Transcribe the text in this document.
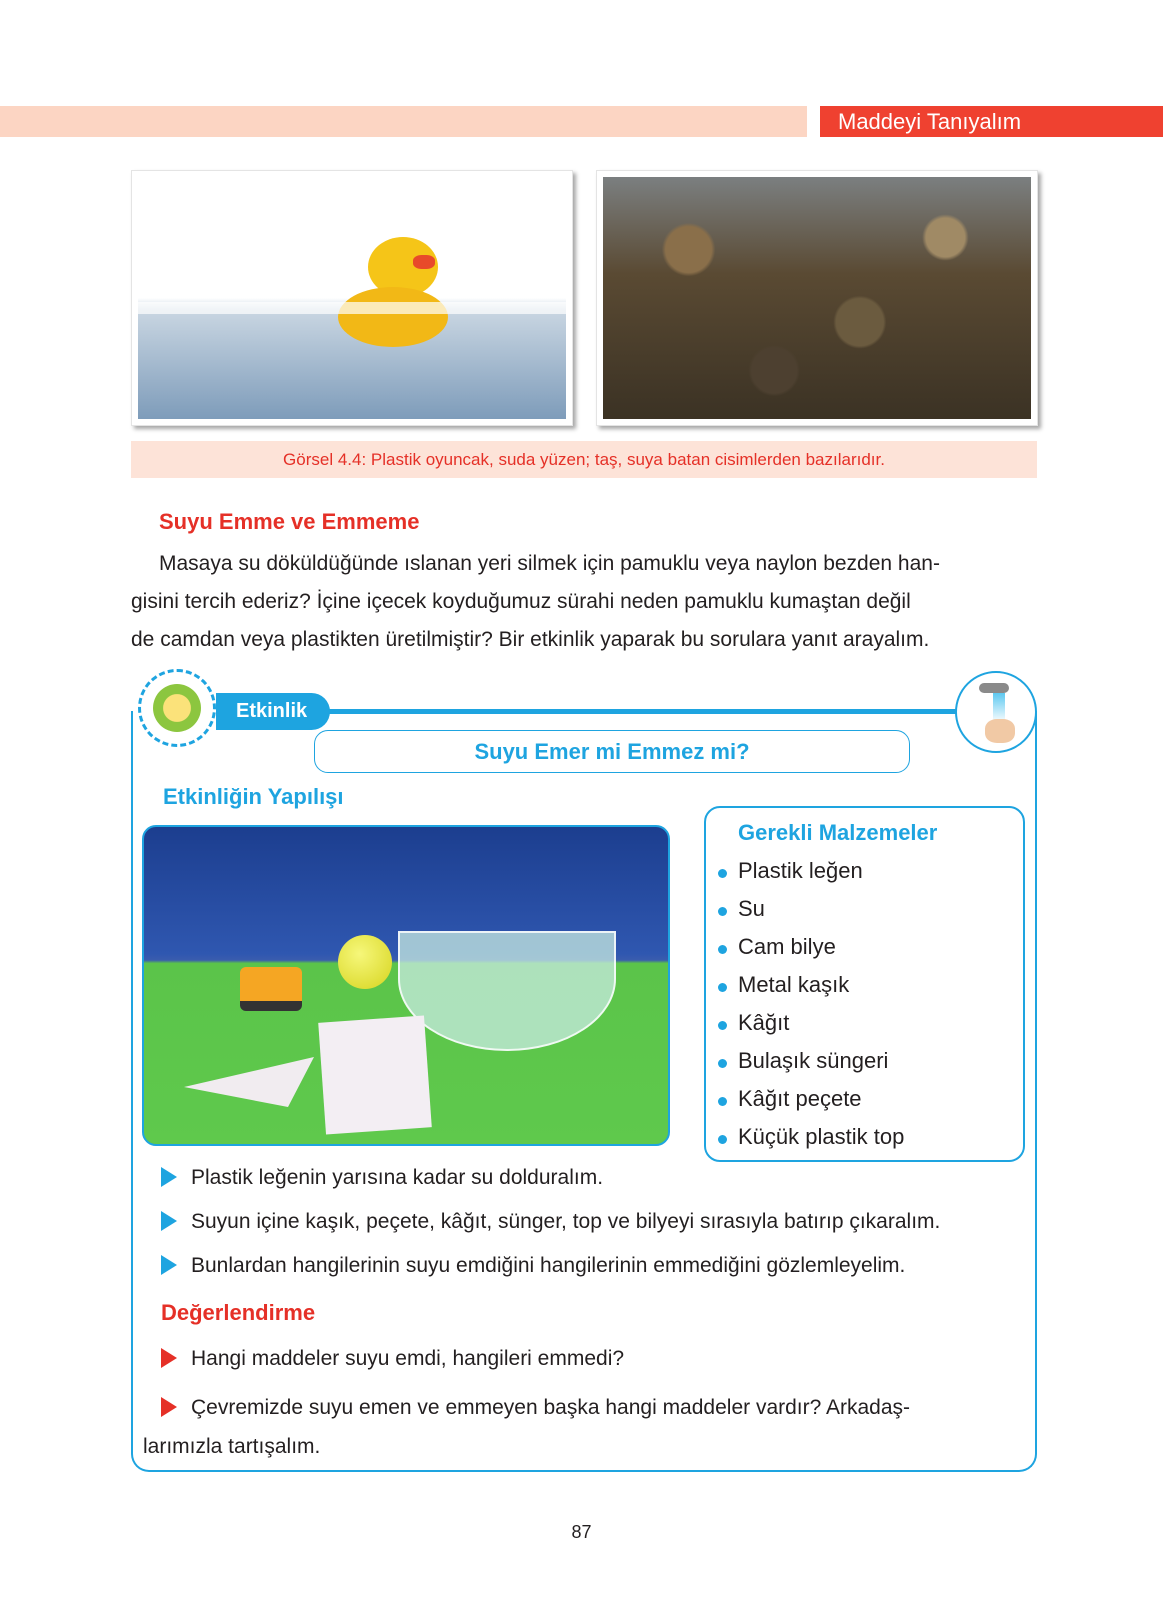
Maddeyi Tanıyalım
Görsel 4.4: Plastik oyuncak, suda yüzen; taş, suya batan cisimlerden bazılarıdır.
Suyu Emme ve Emmeme
Masaya su döküldüğünde ıslanan yeri silmek için pamuklu veya naylon bezden han-
gisini tercih ederiz? İçine içecek koyduğumuz sürahi neden pamuklu kumaştan değil
de camdan veya plastikten üretilmiştir? Bir etkinlik yaparak bu sorulara yanıt arayalım.
Etkinlik
Suyu Emer mi Emmez mi?
Etkinliğin Yapılışı
Gerekli Malzemeler
Plastik leğen
Su
Cam bilye
Metal kaşık
Kâğıt
Bulaşık süngeri
Kâğıt peçete
Küçük plastik top
Plastik leğenin yarısına kadar su dolduralım.
Suyun içine kaşık, peçete, kâğıt, sünger, top ve bilyeyi sırasıyla batırıp çıkaralım.
Bunlardan hangilerinin suyu emdiğini hangilerinin emmediğini gözlemleyelim.
Değerlendirme
Hangi maddeler suyu emdi, hangileri emmedi?
Çevremizde suyu emen ve emmeyen başka hangi maddeler vardır? Arkadaş-
larımızla tartışalım.
87
